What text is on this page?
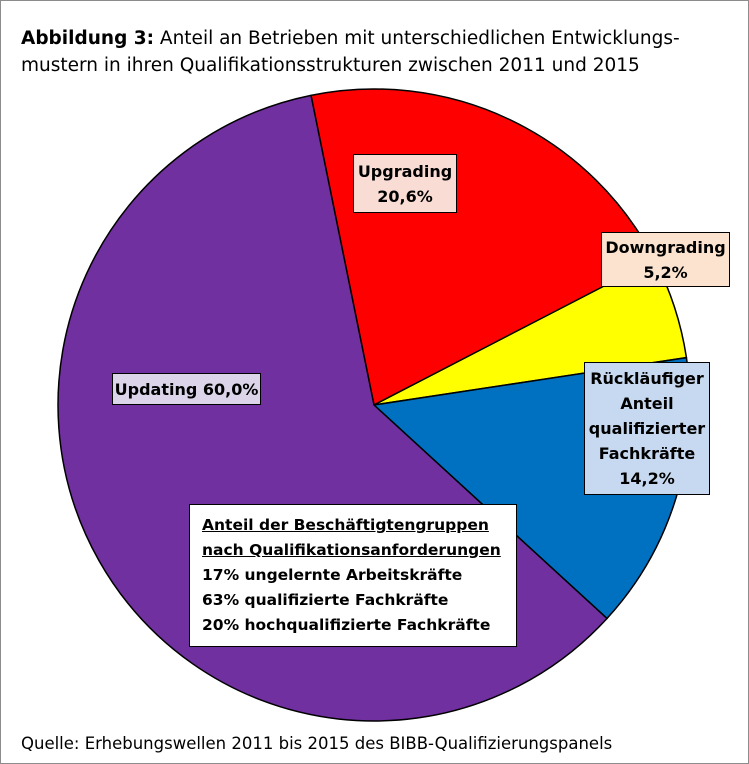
Abbildung 3: Anteil an Betrieben mit unterschiedlichen Entwicklungs-
mustern in ihren Qualifikationsstrukturen zwischen 2011 und 2015

Upgrading
20,6%
Downgrading
5,2%
Rückläufiger
Anteil
qualifizierter
Fachkräfte
14,2%
Updating 60,0%
Anteil der Beschäftigtengruppen
nach Qualifikationsanforderungen
17% ungelernte Arbeitskräfte
63% qualifizierte Fachkräfte
20% hochqualifizierte Fachkräfte

Quelle: Erhebungswellen 2011 bis 2015 des BIBB-Qualifizierungspanels
